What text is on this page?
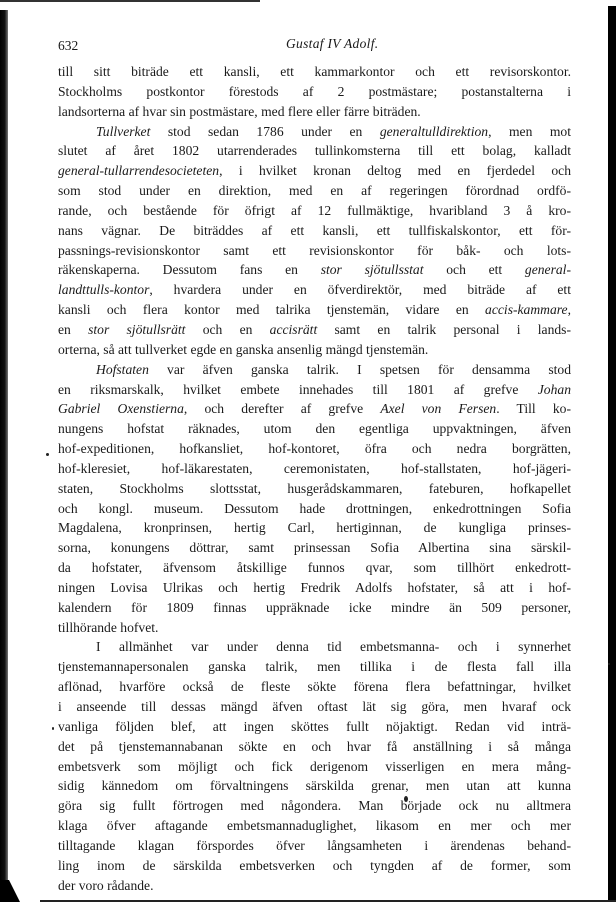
632	Gustaf IV Adolf.
till sitt biträde ett kansli, ett kammarkontor och ett revisorskontor.
Stockholms postkontor förestods af 2 postmästare; postanstalterna i
landsorterna af hvar sin postmästare, med flere eller färre biträden.
Tullverket stod sedan 1786 under en generaltulldirektion, men mot
slutet af året 1802 utarrenderades tullinkomsterna till ett bolag, kalladt
general-tullarrendesocieteten, i hvilket kronan deltog med en fjerdedel och
som stod under en direktion, med en af regeringen förordnad ordfö-
rande, och bestående för öfrigt af 12 fullmäktige, hvaribland 3 å kro-
nans vägnar. De biträddes af ett kansli, ett tullfiskalskontor, ett för-
passnings-revisionskontor samt ett revisionskontor för båk- och lots-
räkenskaperna. Dessutom fans en stor sjötullsstat och ett general-
landttulls-kontor, hvardera under en öfverdirektör, med biträde af ett
kansli och flera kontor med talrika tjenstemän, vidare en accis-kammare,
en stor sjötullsrätt och en accisrätt samt en talrik personal i lands-
orterna, så att tullverket egde en ganska ansenlig mängd tjenstemän.
Hofstaten var äfven ganska talrik. I spetsen för densamma stod
en riksmarskalk, hvilket embete innehades till 1801 af grefve Johan
Gabriel Oxenstierna, och derefter af grefve Axel von Fersen. Till ko-
nungens hofstat räknades, utom den egentliga uppvaktningen, äfven
hof-expeditionen, hofkansliet, hof-kontoret, öfra och nedra borgrätten,
hof-kleresiet, hof-läkarestaten, ceremonistaten, hof-stallstaten, hof-jägeri-
staten, Stockholms slottsstat, husgerådskammaren, fateburen, hofkapellet
och kongl. museum. Dessutom hade drottningen, enkedrottningen Sofia
Magdalena, kronprinsen, hertig Carl, hertiginnan, de kungliga prinses-
sorna, konungens döttrar, samt prinsessan Sofia Albertina sina särskil-
da hofstater, äfvensom åtskillige funnos qvar, som tillhört enkedrott-
ningen Lovisa Ulrikas och hertig Fredrik Adolfs hofstater, så att i hof-
kalendern för 1809 finnas uppräknade icke mindre än 509 personer,
tillhörande hofvet.
I allmänhet var under denna tid embetsmanna- och i synnerhet
tjenstemannapersonalen ganska talrik, men tillika i de flesta fall illa
aflönad, hvarföre också de fleste sökte förena flera befattningar, hvilket
i anseende till dessas mängd äfven oftast lät sig göra, men hvaraf ock
vanliga följden blef, att ingen sköttes fullt nöjaktigt. Redan vid inträ-
det på tjenstemannabanan sökte en och hvar få anställning i så många
embetsverk som möjligt och fick derigenom visserligen en mera mång-
sidig kännedom om förvaltningens särskilda grenar, men utan att kunna
göra sig fullt förtrogen med någondera. Man började ock nu alltmera
klaga öfver aftagande embetsmannaduglighet, likasom en mer och mer
tilltagande klagan förspordes öfver långsamheten i ärendenas behand-
ling inom de särskilda embetsverken och tyngden af de former, som
der voro rådande.
